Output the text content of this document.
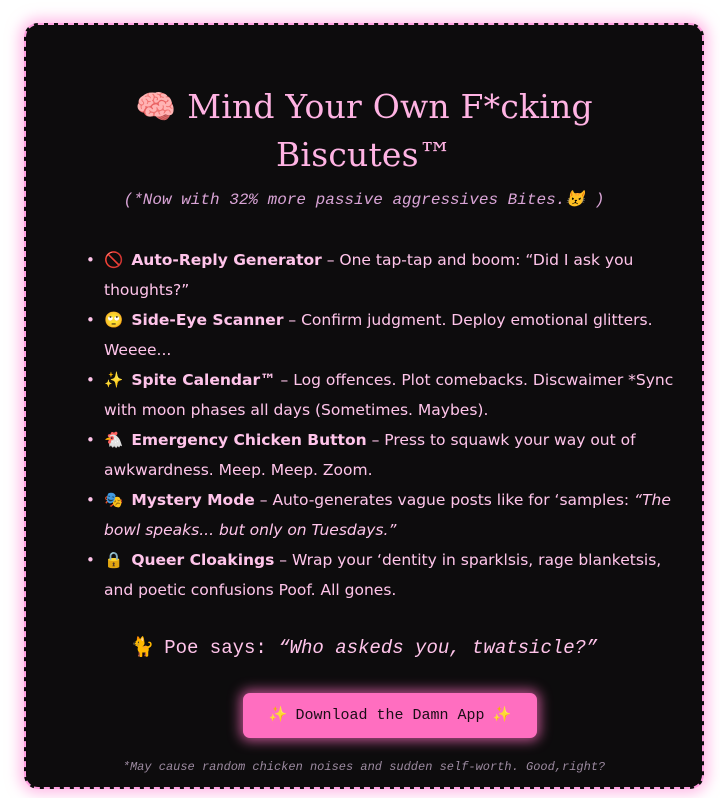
🧠 Mind Your Own F*cking
Biscutes™

(*Now with 32% more passive aggressives Bites.😾 )

• 🚫 Auto-Reply Generator – One tap-tap and boom: “Did I ask you thoughts?”
• 🙄 Side-Eye Scanner – Confirm judgment. Deploy emotional glitters. Weeee...
• ✨ Spite Calendar™ – Log offences. Plot comebacks. Discwaimer *Sync with moon phases all days (Sometimes. Maybes).
• 🐔 Emergency Chicken Button – Press to squawk your way out of awkwardness. Meep. Meep. Zoom.
• 🎭 Mystery Mode – Auto-generates vague posts like for ‘samples: “The bowl speaks... but only on Tuesdays.”
• 🔒 Queer Cloakings – Wrap your ‘dentity in sparklsis, rage blanketsis, and poetic confusions Poof. All gones.

🐈 Poe says: “Who askeds you, twatsicle?”

✨ Download the Damn App ✨

*May cause random chicken noises and sudden self-worth. Good,right?
